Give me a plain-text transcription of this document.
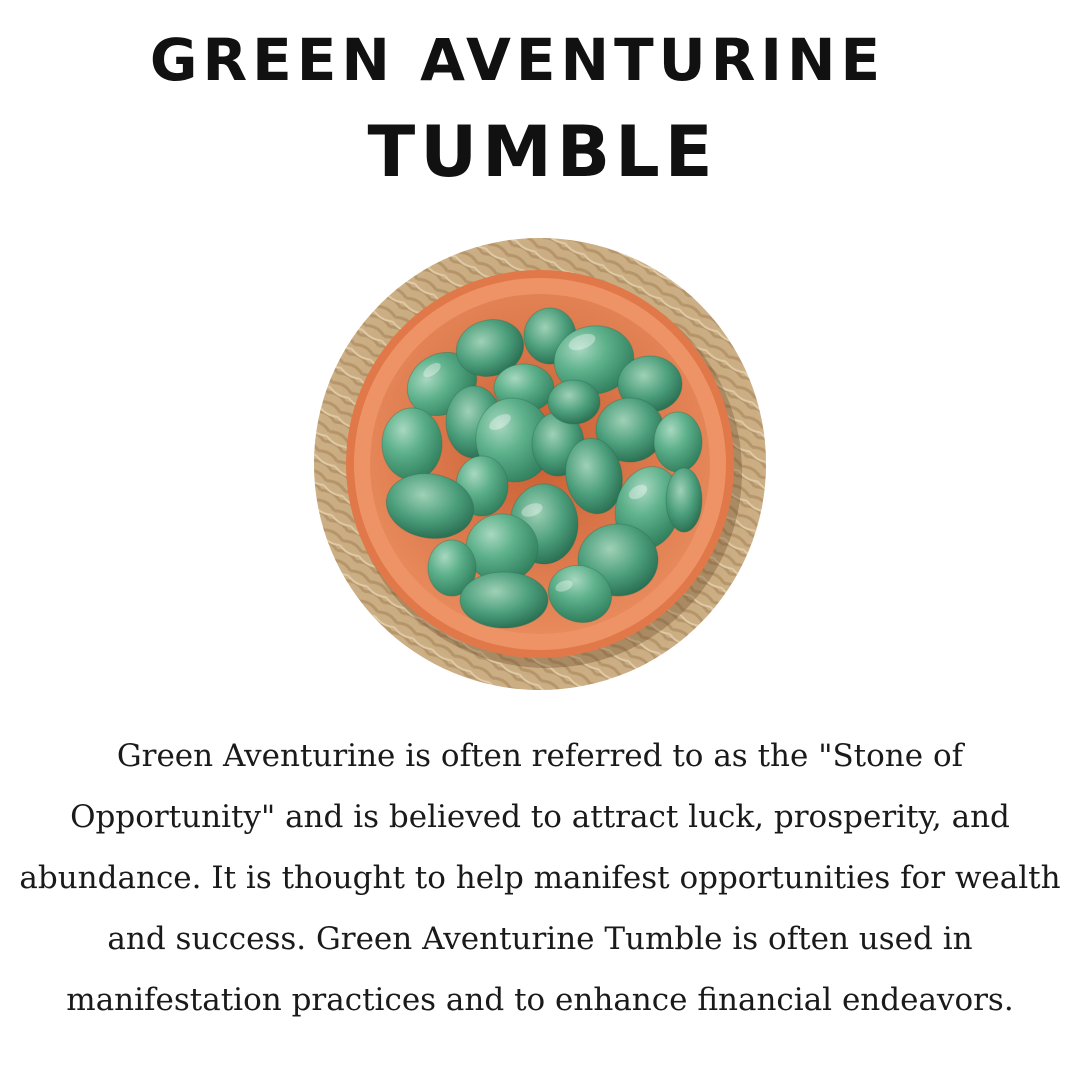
GREEN AVENTURINE
TUMBLE

Green Aventurine is often referred to as the "Stone of Opportunity" and is believed to attract luck, prosperity, and abundance. It is thought to help manifest opportunities for wealth and success. Green Aventurine Tumble is often used in manifestation practices and to enhance financial endeavors.
